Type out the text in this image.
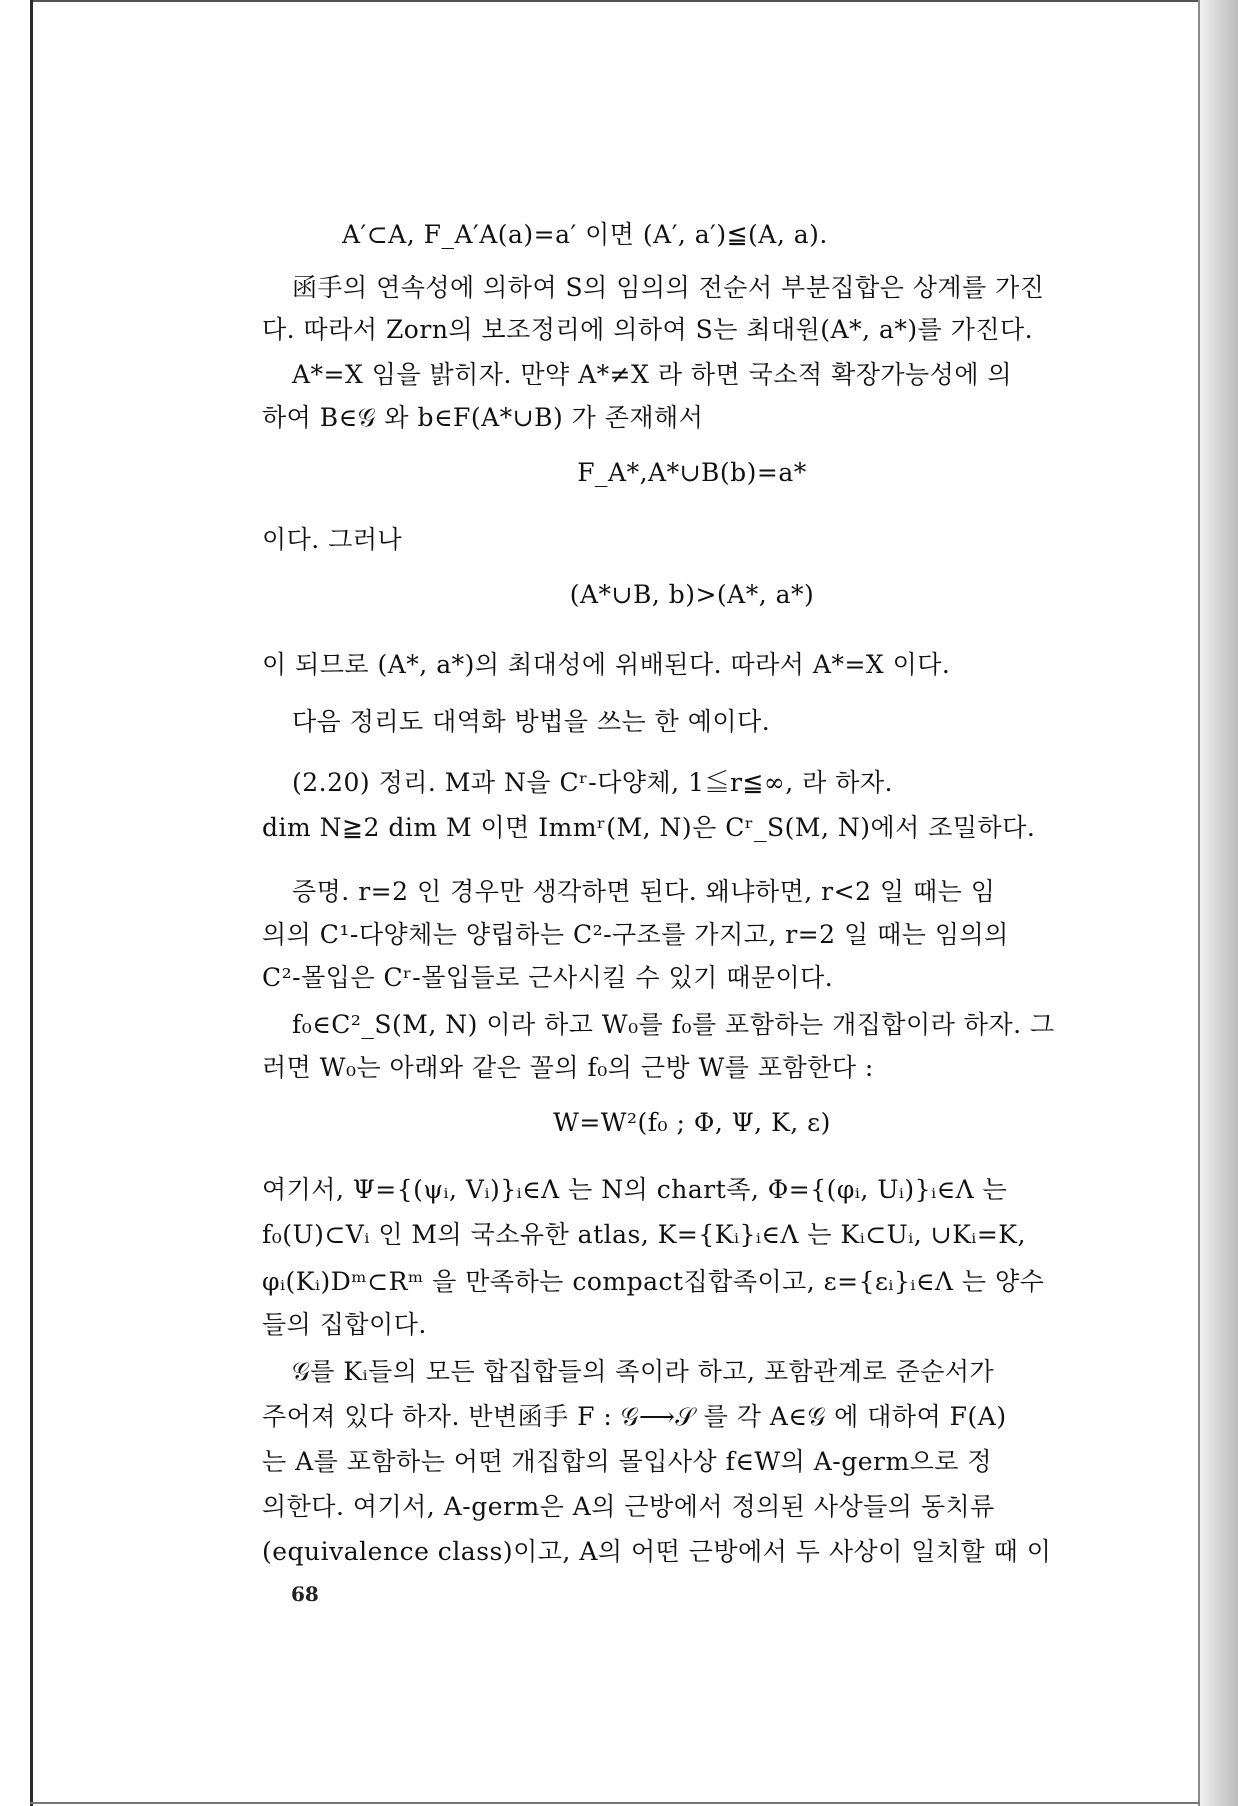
A′⊂A, F_A′A(a)=a′ 이면 (A′, a′)≦(A, a).
函手의 연속성에 의하여 S의 임의의 전순서 부분집합은 상계를 가진
다. 따라서 Zorn의 보조정리에 의하여 S는 최대원(A*, a*)를 가진다.
A*=X 임을 밝히자. 만약 A*≠X 라 하면 국소적 확장가능성에 의
하여 B∈𝒢 와 b∈F(A*∪B) 가 존재해서
F_A*,A*∪B(b)=a*
이다. 그러나
(A*∪B, b)>(A*, a*)
이 되므로 (A*, a*)의 최대성에 위배된다. 따라서 A*=X 이다.
다음 정리도 대역화 방법을 쓰는 한 예이다.
(2.20) 정리. M과 N을 Cʳ-다양체, 1≦r≦∞, 라 하자.
dim N≧2 dim M 이면 Immʳ(M, N)은 Cʳ_S(M, N)에서 조밀하다.
증명. r=2 인 경우만 생각하면 된다. 왜냐하면, r<2 일 때는 임
의의 C¹-다양체는 양립하는 C²-구조를 가지고, r=2 일 때는 임의의
C²-몰입은 Cʳ-몰입들로 근사시킬 수 있기 때문이다.
f₀∈C²_S(M, N) 이라 하고 W₀를 f₀를 포함하는 개집합이라 하자. 그
러면 W₀는 아래와 같은 꼴의 f₀의 근방 W를 포함한다 :
W=W²(f₀ ; Φ, Ψ, K, ε)
여기서, Ψ={(ψᵢ, Vᵢ)}ᵢ∈Λ 는 N의 chart족, Φ={(φᵢ, Uᵢ)}ᵢ∈Λ 는
f₀(U)⊂Vᵢ 인 M의 국소유한 atlas, K={Kᵢ}ᵢ∈Λ 는 Kᵢ⊂Uᵢ, ∪Kᵢ=K,
φᵢ(Kᵢ)Dᵐ⊂Rᵐ 을 만족하는 compact집합족이고, ε={εᵢ}ᵢ∈Λ 는 양수
들의 집합이다.
𝒢를 Kᵢ들의 모든 합집합들의 족이라 하고, 포함관계로 준순서가
주어져 있다 하자. 반변函手 F : 𝒢⟶𝒮 를 각 A∈𝒢 에 대하여 F(A)
는 A를 포함하는 어떤 개집합의 몰입사상 f∈W의 A-germ으로 정
의한다. 여기서, A-germ은 A의 근방에서 정의된 사상들의 동치류
(equivalence class)이고, A의 어떤 근방에서 두 사상이 일치할 때 이
68
